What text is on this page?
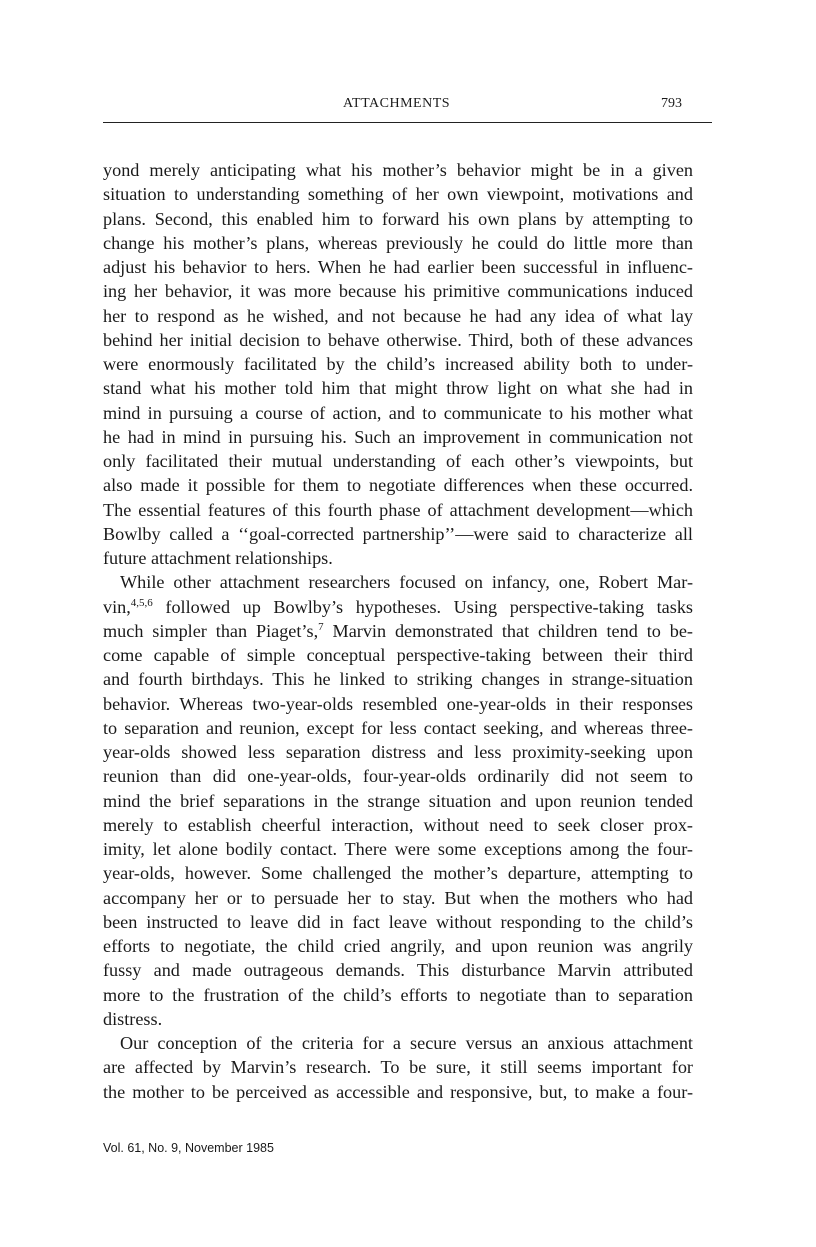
ATTACHMENTS	793
yond merely anticipating what his mother’s behavior might be in a given
situation to understanding something of her own viewpoint, motivations and
plans. Second, this enabled him to forward his own plans by attempting to
change his mother’s plans, whereas previously he could do little more than
adjust his behavior to hers. When he had earlier been successful in influenc-
ing her behavior, it was more because his primitive communications induced
her to respond as he wished, and not because he had any idea of what lay
behind her initial decision to behave otherwise. Third, both of these advances
were enormously facilitated by the child’s increased ability both to under-
stand what his mother told him that might throw light on what she had in
mind in pursuing a course of action, and to communicate to his mother what
he had in mind in pursuing his. Such an improvement in communication not
only facilitated their mutual understanding of each other’s viewpoints, but
also made it possible for them to negotiate differences when these occurred.
The essential features of this fourth phase of attachment development—which
Bowlby called a ‘‘goal-corrected partnership’’—were said to characterize all
future attachment relationships.
While other attachment researchers focused on infancy, one, Robert Mar-
vin,$^{4,5,6}$ followed up Bowlby’s hypotheses. Using perspective-taking tasks
much simpler than Piaget’s,$^7$ Marvin demonstrated that children tend to be-
come capable of simple conceptual perspective-taking between their third
and fourth birthdays. This he linked to striking changes in strange-situation
behavior. Whereas two-year-olds resembled one-year-olds in their responses
to separation and reunion, except for less contact seeking, and whereas three-
year-olds showed less separation distress and less proximity-seeking upon
reunion than did one-year-olds, four-year-olds ordinarily did not seem to
mind the brief separations in the strange situation and upon reunion tended
merely to establish cheerful interaction, without need to seek closer prox-
imity, let alone bodily contact. There were some exceptions among the four-
year-olds, however. Some challenged the mother’s departure, attempting to
accompany her or to persuade her to stay. But when the mothers who had
been instructed to leave did in fact leave without responding to the child’s
efforts to negotiate, the child cried angrily, and upon reunion was angrily
fussy and made outrageous demands. This disturbance Marvin attributed
more to the frustration of the child’s efforts to negotiate than to separation
distress.
Our conception of the criteria for a secure versus an anxious attachment
are affected by Marvin’s research. To be sure, it still seems important for
the mother to be perceived as accessible and responsive, but, to make a four-
Vol. 61, No. 9, November 1985
